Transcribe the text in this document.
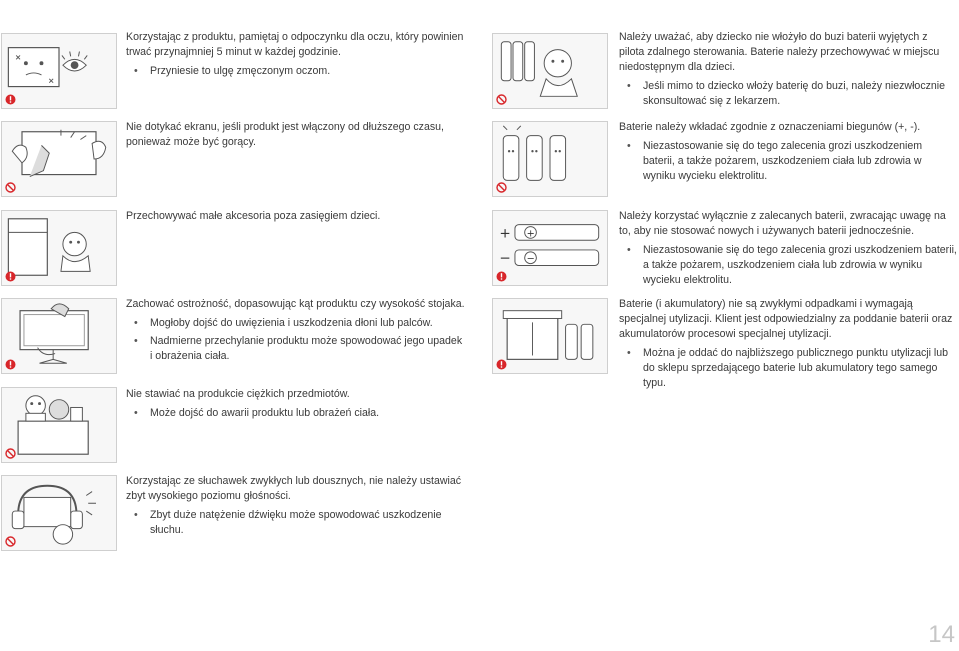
Korzystając z produktu, pamiętaj o odpoczynku dla oczu, który powinien trwać przynajmniej 5 minut w każdej godzinie.

• Przyniesie to ulgę zmęczonym oczom.

Nie dotykać ekranu, jeśli produkt jest włączony od dłuższego czasu, ponieważ może być gorący.

Przechowywać małe akcesoria poza zasięgiem dzieci.

Zachować ostrożność, dopasowując kąt produktu czy wysokość stojaka.

• Mogłoby dojść do uwięzienia i uszkodzenia dłoni lub palców.
• Nadmierne przechylanie produktu może spowodować jego upadek i obrażenia ciała.

Nie stawiać na produkcie ciężkich przedmiotów.

• Może dojść do awarii produktu lub obrażeń ciała.

Korzystając ze słuchawek zwykłych lub dousznych, nie należy ustawiać zbyt wysokiego poziomu głośności.

• Zbyt duże natężenie dźwięku może spowodować uszkodzenie słuchu.

Należy uważać, aby dziecko nie włożyło do buzi baterii wyjętych z pilota zdalnego sterowania. Baterie należy przechowywać w miejscu niedostępnym dla dzieci.

• Jeśli mimo to dziecko włoży baterię do buzi, należy niezwłocznie skonsultować się z lekarzem.

Baterie należy wkładać zgodnie z oznaczeniami biegunów (+, -).

• Niezastosowanie się do tego zalecenia grozi uszkodzeniem baterii, a także pożarem, uszkodzeniem ciała lub zdrowia w wyniku wycieku elektrolitu.
+ +
− −

Należy korzystać wyłącznie z zalecanych baterii, zwracając uwagę na to, aby nie stosować nowych i używanych baterii jednocześnie.

• Niezastosowanie się do tego zalecenia grozi uszkodzeniem baterii, a także pożarem, uszkodzeniem ciała lub zdrowia w wyniku wycieku elektrolitu.

Baterie (i akumulatory) nie są zwykłymi odpadkami i wymagają specjalnej utylizacji. Klient jest odpowiedzialny za poddanie baterii oraz akumulatorów procesowi specjalnej utylizacji.

• Można je oddać do najbliższego publicznego punktu utylizacji lub do sklepu sprzedającego baterie lub akumulatory tego samego typu.
14
